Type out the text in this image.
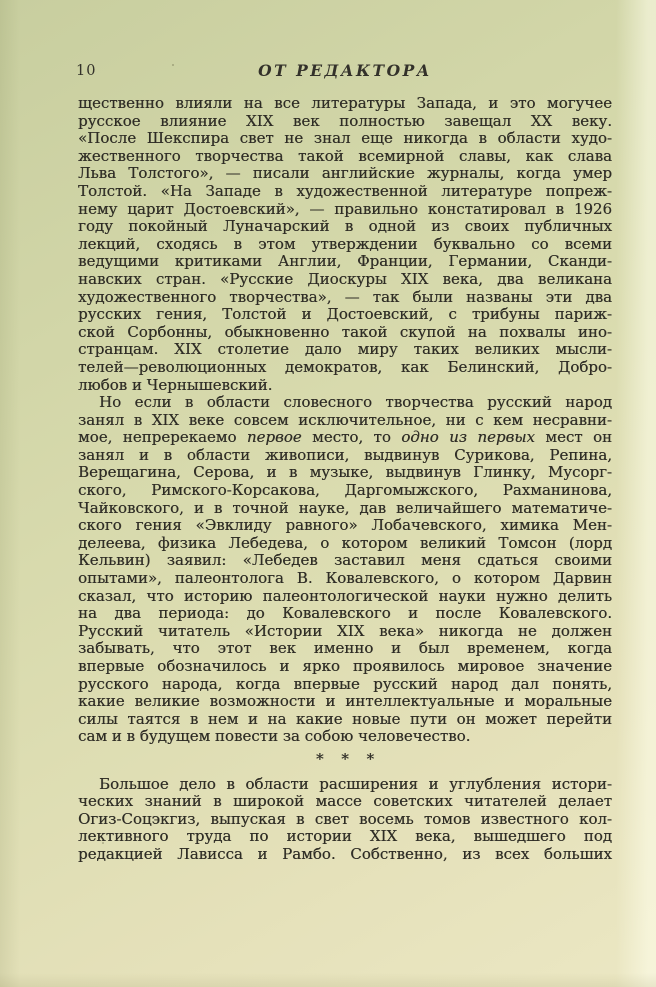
10	ОТ РЕДАКТОРА
щественно влияли на все литературы Запада, и это могучее
русское влияние XIX век полностью завещал XX веку.
«После Шекспира свет не знал еще никогда в области худо-
жественного творчества такой всемирной славы, как слава
Льва Толстого», — писали английские журналы, когда умер
Толстой. «На Западе в художественной литературе попреж-
нему царит Достоевский», — правильно констатировал в 1926
году покойный Луначарский в одной из своих публичных
лекций, сходясь в этом утверждении буквально со всеми
ведущими критиками Англии, Франции, Германии, Сканди-
навских стран. «Русские Диоскуры XIX века, два великана
художественного творчества», — так были названы эти два
русских гения, Толстой и Достоевский, с трибуны париж-
ской Сорбонны, обыкновенно такой скупой на похвалы ино-
странцам. XIX столетие дало миру таких великих мысли-
телей—революционных демократов, как Белинский, Добро-
любов и Чернышевский.
Но если в области словесного творчества русский народ
занял в XIX веке совсем исключительное, ни с кем несравни-
мое, непререкаемо первое место, то одно из первых мест он
занял и в области живописи, выдвинув Сурикова, Репина,
Верещагина, Серова, и в музыке, выдвинув Глинку, Мусорг-
ского, Римского-Корсакова, Даргомыжского, Рахманинова,
Чайковского, и в точной науке, дав величайшего математиче-
ского гения «Эвклиду равного» Лобачевского, химика Мен-
делеева, физика Лебедева, о котором великий Томсон (лорд
Кельвин) заявил: «Лебедев заставил меня сдаться своими
опытами», палеонтолога В. Ковалевского, о котором Дарвин
сказал, что историю палеонтологической науки нужно делить
на два периода: до Ковалевского и после Ковалевского.
Русский читатель «Истории XIX века» никогда не должен
забывать, что этот век именно и был временем, когда
впервые обозначилось и ярко проявилось мировое значение
русского народа, когда впервые русский народ дал понять,
какие великие возможности и интеллектуальные и моральные
силы таятся в нем и на какие новые пути он может перейти
сам и в будущем повести за собою человечество.
* * *
Большое дело в области расширения и углубления истори-
ческих знаний в широкой массе советских читателей делает
Огиз-Соцэкгиз, выпуская в свет восемь томов известного кол-
лективного труда по истории XIX века, вышедшего под
редакцией Лависса и Рамбо. Собственно, из всех больших
